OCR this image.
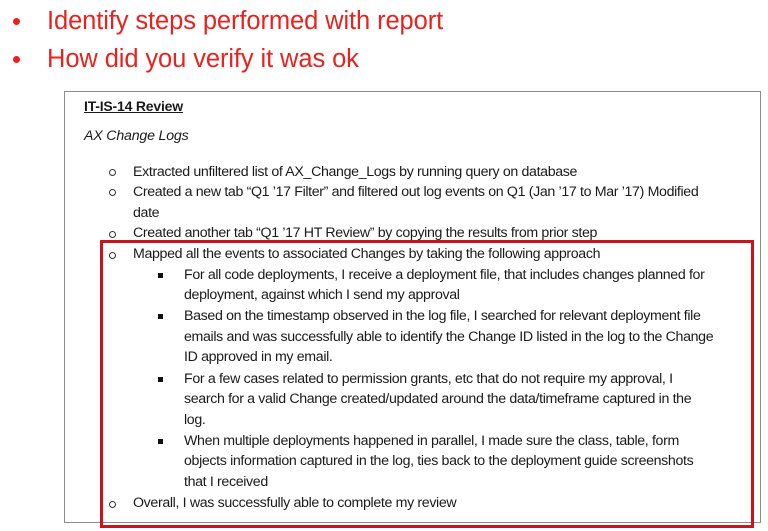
Identify steps performed with report
How did you verify it was ok
IT-IS-14 Review
AX Change Logs
Extracted unfiltered list of AX_Change_Logs by running query on database
Created a new tab “Q1 ’17 Filter” and filtered out log events on Q1 (Jan ’17 to Mar ’17) Modified
date
Created another tab “Q1 ’17 HT Review” by copying the results from prior step
Mapped all the events to associated Changes by taking the following approach
For all code deployments, I receive a deployment file, that includes changes planned for
deployment, against which I send my approval
Based on the timestamp observed in the log file, I searched for relevant deployment file
emails and was successfully able to identify the Change ID listed in the log to the Change
ID approved in my email.
For a few cases related to permission grants, etc that do not require my approval, I
search for a valid Change created/updated around the data/timeframe captured in the
log.
When multiple deployments happened in parallel, I made sure the class, table, form
objects information captured in the log, ties back to the deployment guide screenshots
that I received
Overall, I was successfully able to complete my review
